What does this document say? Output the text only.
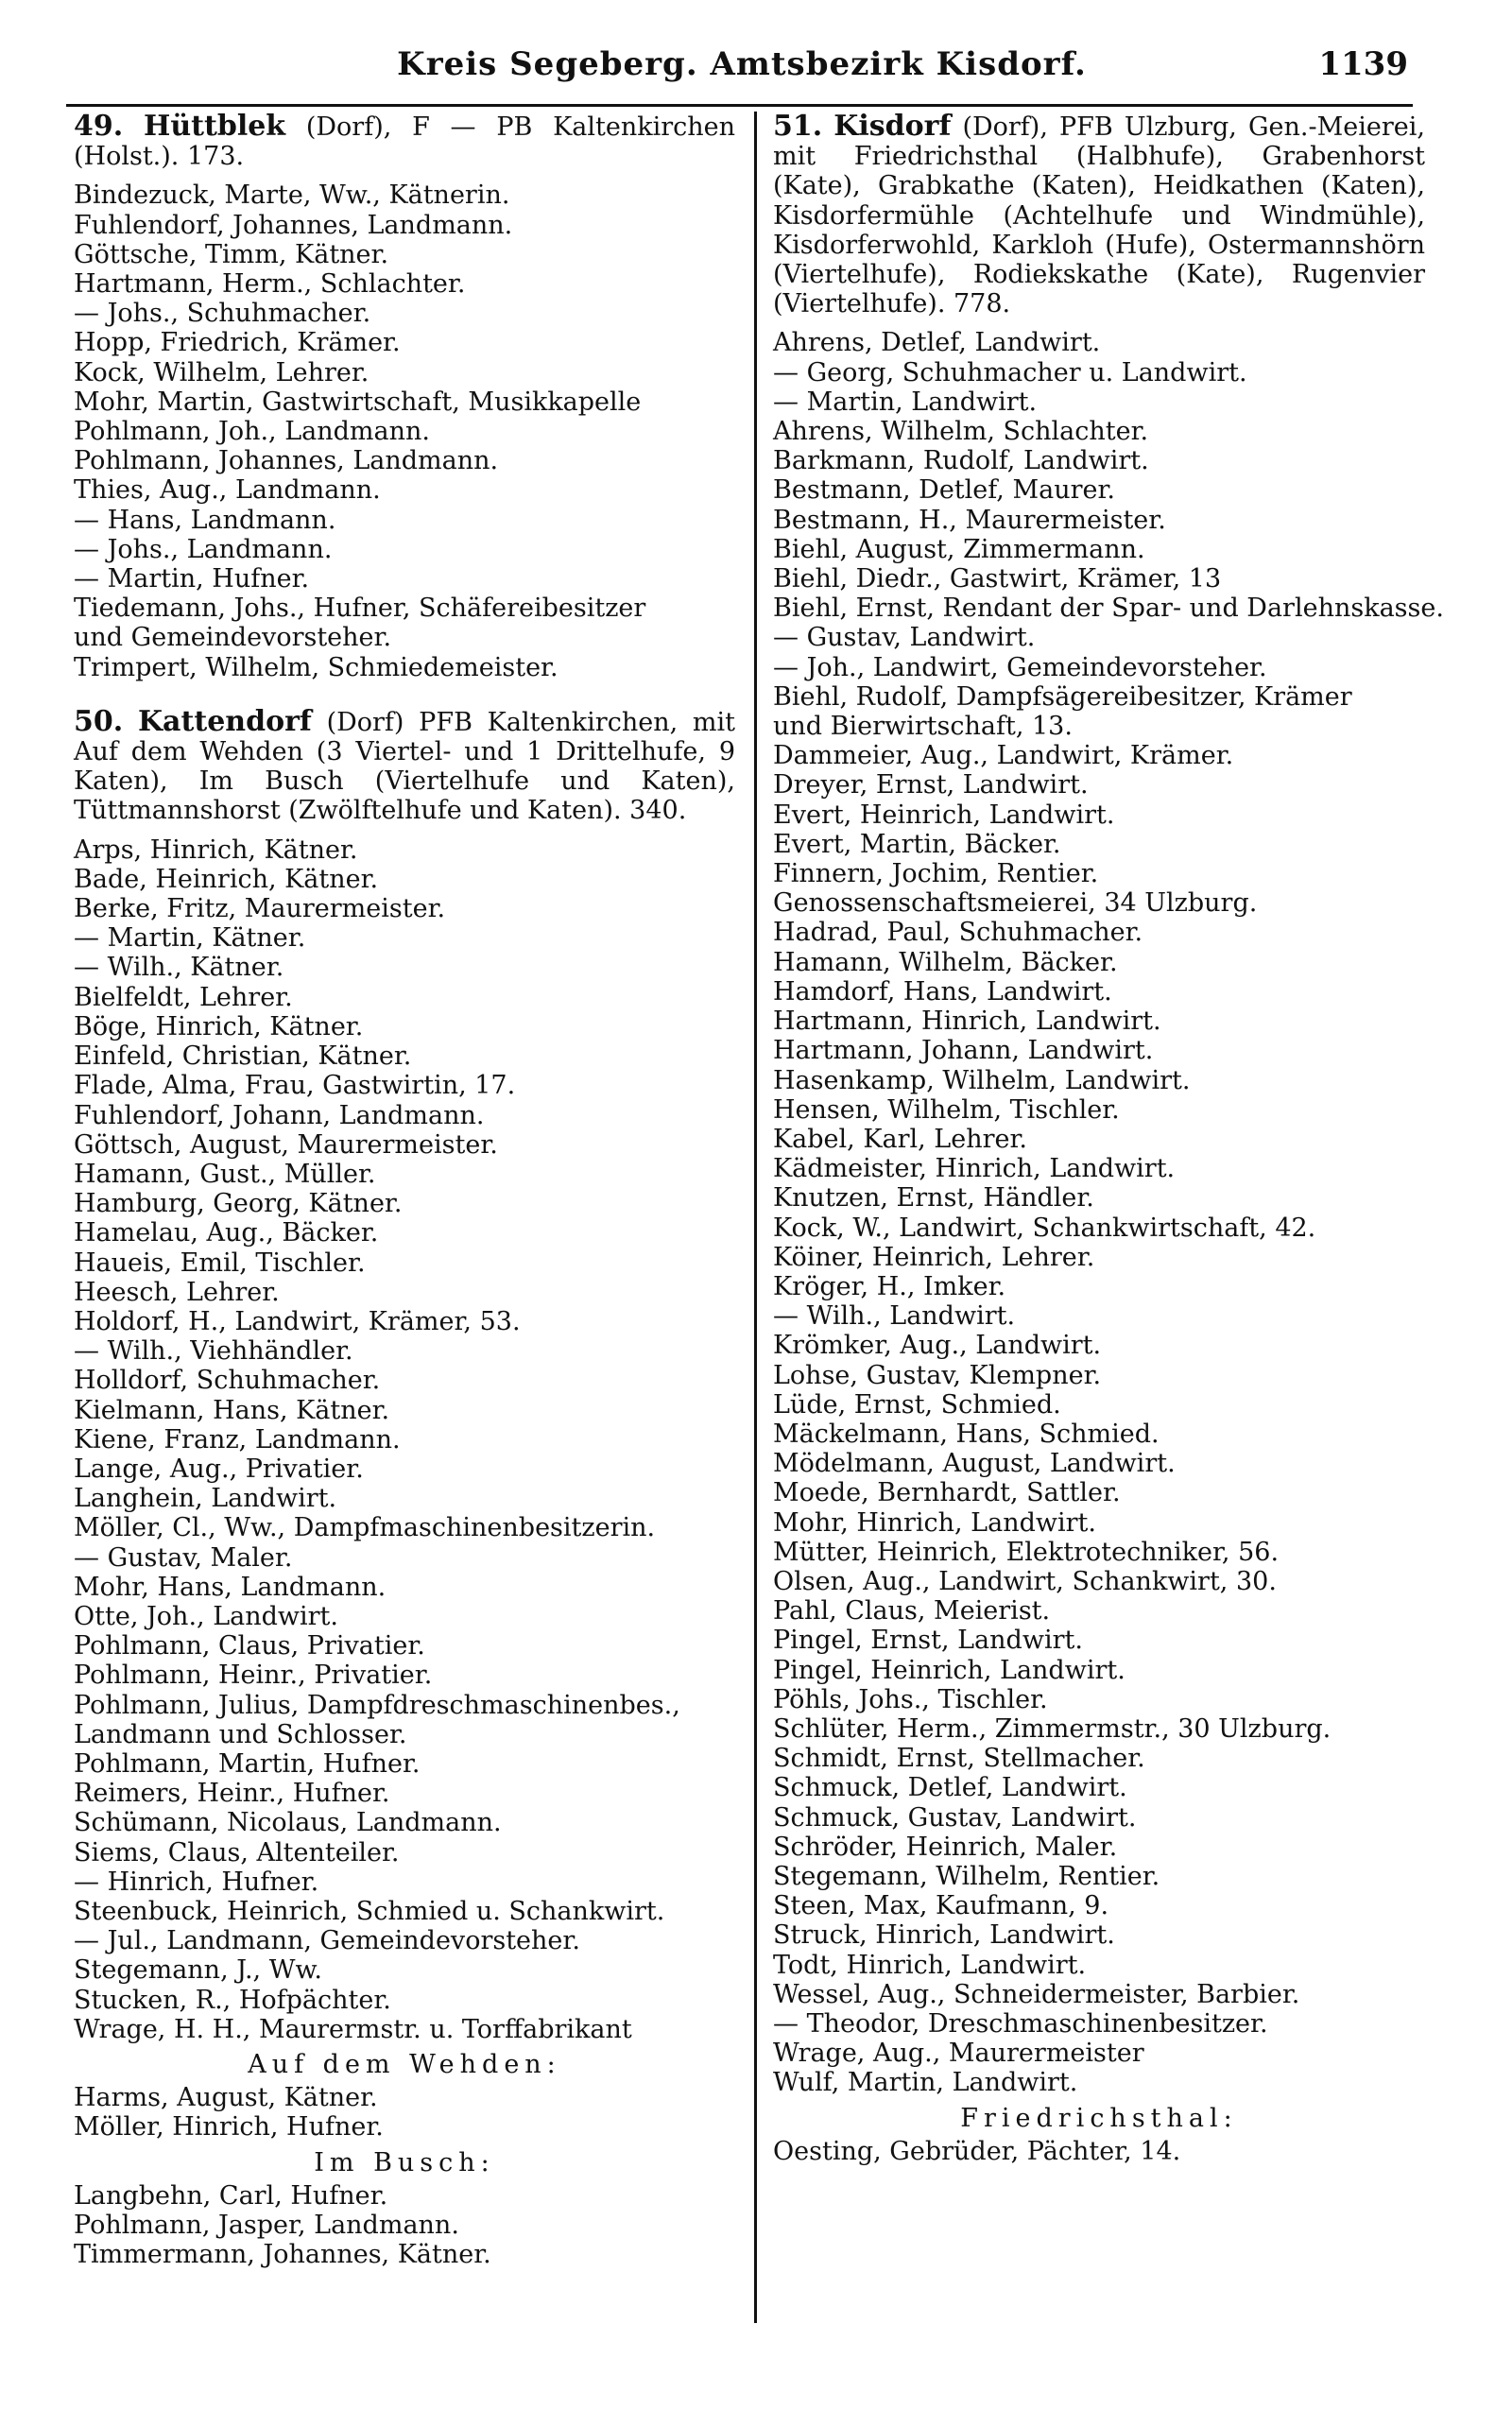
Kreis Segeberg. Amtsbezirk Kisdorf.	1139
49. Hüttblek (Dorf), F — PB Kaltenkirchen (Holst.). 173.
Bindezuck, Marte, Ww., Kätnerin.
Fuhlendorf, Johannes, Landmann.
Göttsche, Timm, Kätner.
Hartmann, Herm., Schlachter.
— Johs., Schuhmacher.
Hopp, Friedrich, Krämer.
Kock, Wilhelm, Lehrer.
Mohr, Martin, Gastwirtschaft, Musikkapelle
Pohlmann, Joh., Landmann.
Pohlmann, Johannes, Landmann.
Thies, Aug., Landmann.
— Hans, Landmann.
— Johs., Landmann.
— Martin, Hufner.
Tiedemann, Johs., Hufner, Schäfereibesitzer
und Gemeindevorsteher.
Trimpert, Wilhelm, Schmiedemeister.
50. Kattendorf (Dorf) PFB Kaltenkirchen, mit Auf dem Wehden (3 Viertel- und 1 Drittelhufe, 9 Katen), Im Busch (Viertelhufe und Katen), Tüttmannshorst (Zwölftelhufe und Katen). 340.
Arps, Hinrich, Kätner.
Bade, Heinrich, Kätner.
Berke, Fritz, Maurermeister.
— Martin, Kätner.
— Wilh., Kätner.
Bielfeldt, Lehrer.
Böge, Hinrich, Kätner.
Einfeld, Christian, Kätner.
Flade, Alma, Frau, Gastwirtin, 17.
Fuhlendorf, Johann, Landmann.
Göttsch, August, Maurermeister.
Hamann, Gust., Müller.
Hamburg, Georg, Kätner.
Hamelau, Aug., Bäcker.
Haueis, Emil, Tischler.
Heesch, Lehrer.
Holdorf, H., Landwirt, Krämer, 53.
— Wilh., Viehhändler.
Holldorf, Schuhmacher.
Kielmann, Hans, Kätner.
Kiene, Franz, Landmann.
Lange, Aug., Privatier.
Langhein, Landwirt.
Möller, Cl., Ww., Dampfmaschinenbesitzerin.
— Gustav, Maler.
Mohr, Hans, Landmann.
Otte, Joh., Landwirt.
Pohlmann, Claus, Privatier.
Pohlmann, Heinr., Privatier.
Pohlmann, Julius, Dampfdreschmaschinenbes.,
Landmann und Schlosser.
Pohlmann, Martin, Hufner.
Reimers, Heinr., Hufner.
Schümann, Nicolaus, Landmann.
Siems, Claus, Altenteiler.
— Hinrich, Hufner.
Steenbuck, Heinrich, Schmied u. Schankwirt.
— Jul., Landmann, Gemeindevorsteher.
Stegemann, J., Ww.
Stucken, R., Hofpächter.
Wrage, H. H., Maurermstr. u. Torffabrikant
Auf dem Wehden:
Harms, August, Kätner.
Möller, Hinrich, Hufner.
Im Busch:
Langbehn, Carl, Hufner.
Pohlmann, Jasper, Landmann.
Timmermann, Johannes, Kätner.
51. Kisdorf (Dorf), PFB Ulzburg, Gen.-Meierei, mit Friedrichsthal (Halbhufe), Grabenhorst (Kate), Grabkathe (Katen), Heidkathen (Katen), Kisdorfermühle (Achtelhufe und Windmühle), Kisdorferwohld, Karkloh (Hufe), Ostermannshörn (Viertelhufe), Rodiekskathe (Kate), Rugenvier (Viertelhufe). 778.
Ahrens, Detlef, Landwirt.
— Georg, Schuhmacher u. Landwirt.
— Martin, Landwirt.
Ahrens, Wilhelm, Schlachter.
Barkmann, Rudolf, Landwirt.
Bestmann, Detlef, Maurer.
Bestmann, H., Maurermeister.
Biehl, August, Zimmermann.
Biehl, Diedr., Gastwirt, Krämer, 13
Biehl, Ernst, Rendant der Spar- und Darlehnskasse.
— Gustav, Landwirt.
— Joh., Landwirt, Gemeindevorsteher.
Biehl, Rudolf, Dampfsägereibesitzer, Krämer
und Bierwirtschaft, 13.
Dammeier, Aug., Landwirt, Krämer.
Dreyer, Ernst, Landwirt.
Evert, Heinrich, Landwirt.
Evert, Martin, Bäcker.
Finnern, Jochim, Rentier.
Genossenschaftsmeierei, 34 Ulzburg.
Hadrad, Paul, Schuhmacher.
Hamann, Wilhelm, Bäcker.
Hamdorf, Hans, Landwirt.
Hartmann, Hinrich, Landwirt.
Hartmann, Johann, Landwirt.
Hasenkamp, Wilhelm, Landwirt.
Hensen, Wilhelm, Tischler.
Kabel, Karl, Lehrer.
Kädmeister, Hinrich, Landwirt.
Knutzen, Ernst, Händler.
Kock, W., Landwirt, Schankwirtschaft, 42.
Köiner, Heinrich, Lehrer.
Kröger, H., Imker.
— Wilh., Landwirt.
Krömker, Aug., Landwirt.
Lohse, Gustav, Klempner.
Lüde, Ernst, Schmied.
Mäckelmann, Hans, Schmied.
Mödelmann, August, Landwirt.
Moede, Bernhardt, Sattler.
Mohr, Hinrich, Landwirt.
Mütter, Heinrich, Elektrotechniker, 56.
Olsen, Aug., Landwirt, Schankwirt, 30.
Pahl, Claus, Meierist.
Pingel, Ernst, Landwirt.
Pingel, Heinrich, Landwirt.
Pöhls, Johs., Tischler.
Schlüter, Herm., Zimmermstr., 30 Ulzburg.
Schmidt, Ernst, Stellmacher.
Schmuck, Detlef, Landwirt.
Schmuck, Gustav, Landwirt.
Schröder, Heinrich, Maler.
Stegemann, Wilhelm, Rentier.
Steen, Max, Kaufmann, 9.
Struck, Hinrich, Landwirt.
Todt, Hinrich, Landwirt.
Wessel, Aug., Schneidermeister, Barbier.
— Theodor, Dreschmaschinenbesitzer.
Wrage, Aug., Maurermeister
Wulf, Martin, Landwirt.
Friedrichsthal:
Oesting, Gebrüder, Pächter, 14.
